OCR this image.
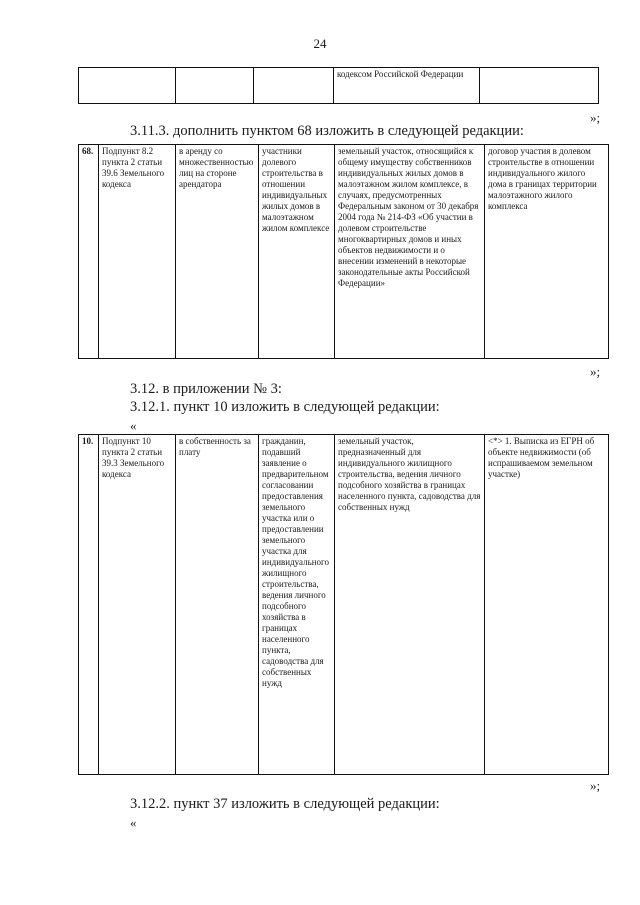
24
			кодексом Российской Федерации	
»;
3.11.3. дополнить пунктом 68 изложить в следующей редакции:
68.	Подпункт 8.2 пункта 2 статьи 39.6 Земельного кодекса	в аренду со множественностью лиц на стороне арендатора	участники долевого строительства в отношении индивидуальных жилых домов в малоэтажном жилом комплексе	земельный участок, относящийся к общему имуществу собственников индивидуальных жилых домов в малоэтажном жилом комплексе, в случаях, предусмотренных Федеральным законом от 30 декабря 2004 года № 214-ФЗ «Об участии в долевом строительстве многоквартирных домов и иных объектов недвижимости и о внесении изменений в некоторые законодательные акты Российской Федерации»	договор участия в долевом строительстве в отношении индивидуального жилого дома в границах территории малоэтажного жилого комплекса
»;
3.12. в приложении № 3:
3.12.1. пункт 10 изложить в следующей редакции:
«
10.	Подпункт 10 пункта 2 статьи 39.3 Земельного кодекса	в собственность за плату	гражданин, подавший заявление о предварительном согласовании предоставления земельного участка или о предоставлении земельного участка для индивидуального жилищного строительства, ведения личного подсобного хозяйства в границах населенного пункта, садоводства для собственных нужд	земельный участок, предназначенный для индивидуального жилищного строительства, ведения личного подсобного хозяйства в границах населенного пункта, садоводства для собственных нужд	<*> 1. Выписка из ЕГРН об объекте недвижимости (об испрашиваемом земельном участке)
»;
3.12.2. пункт 37 изложить в следующей редакции:
«
